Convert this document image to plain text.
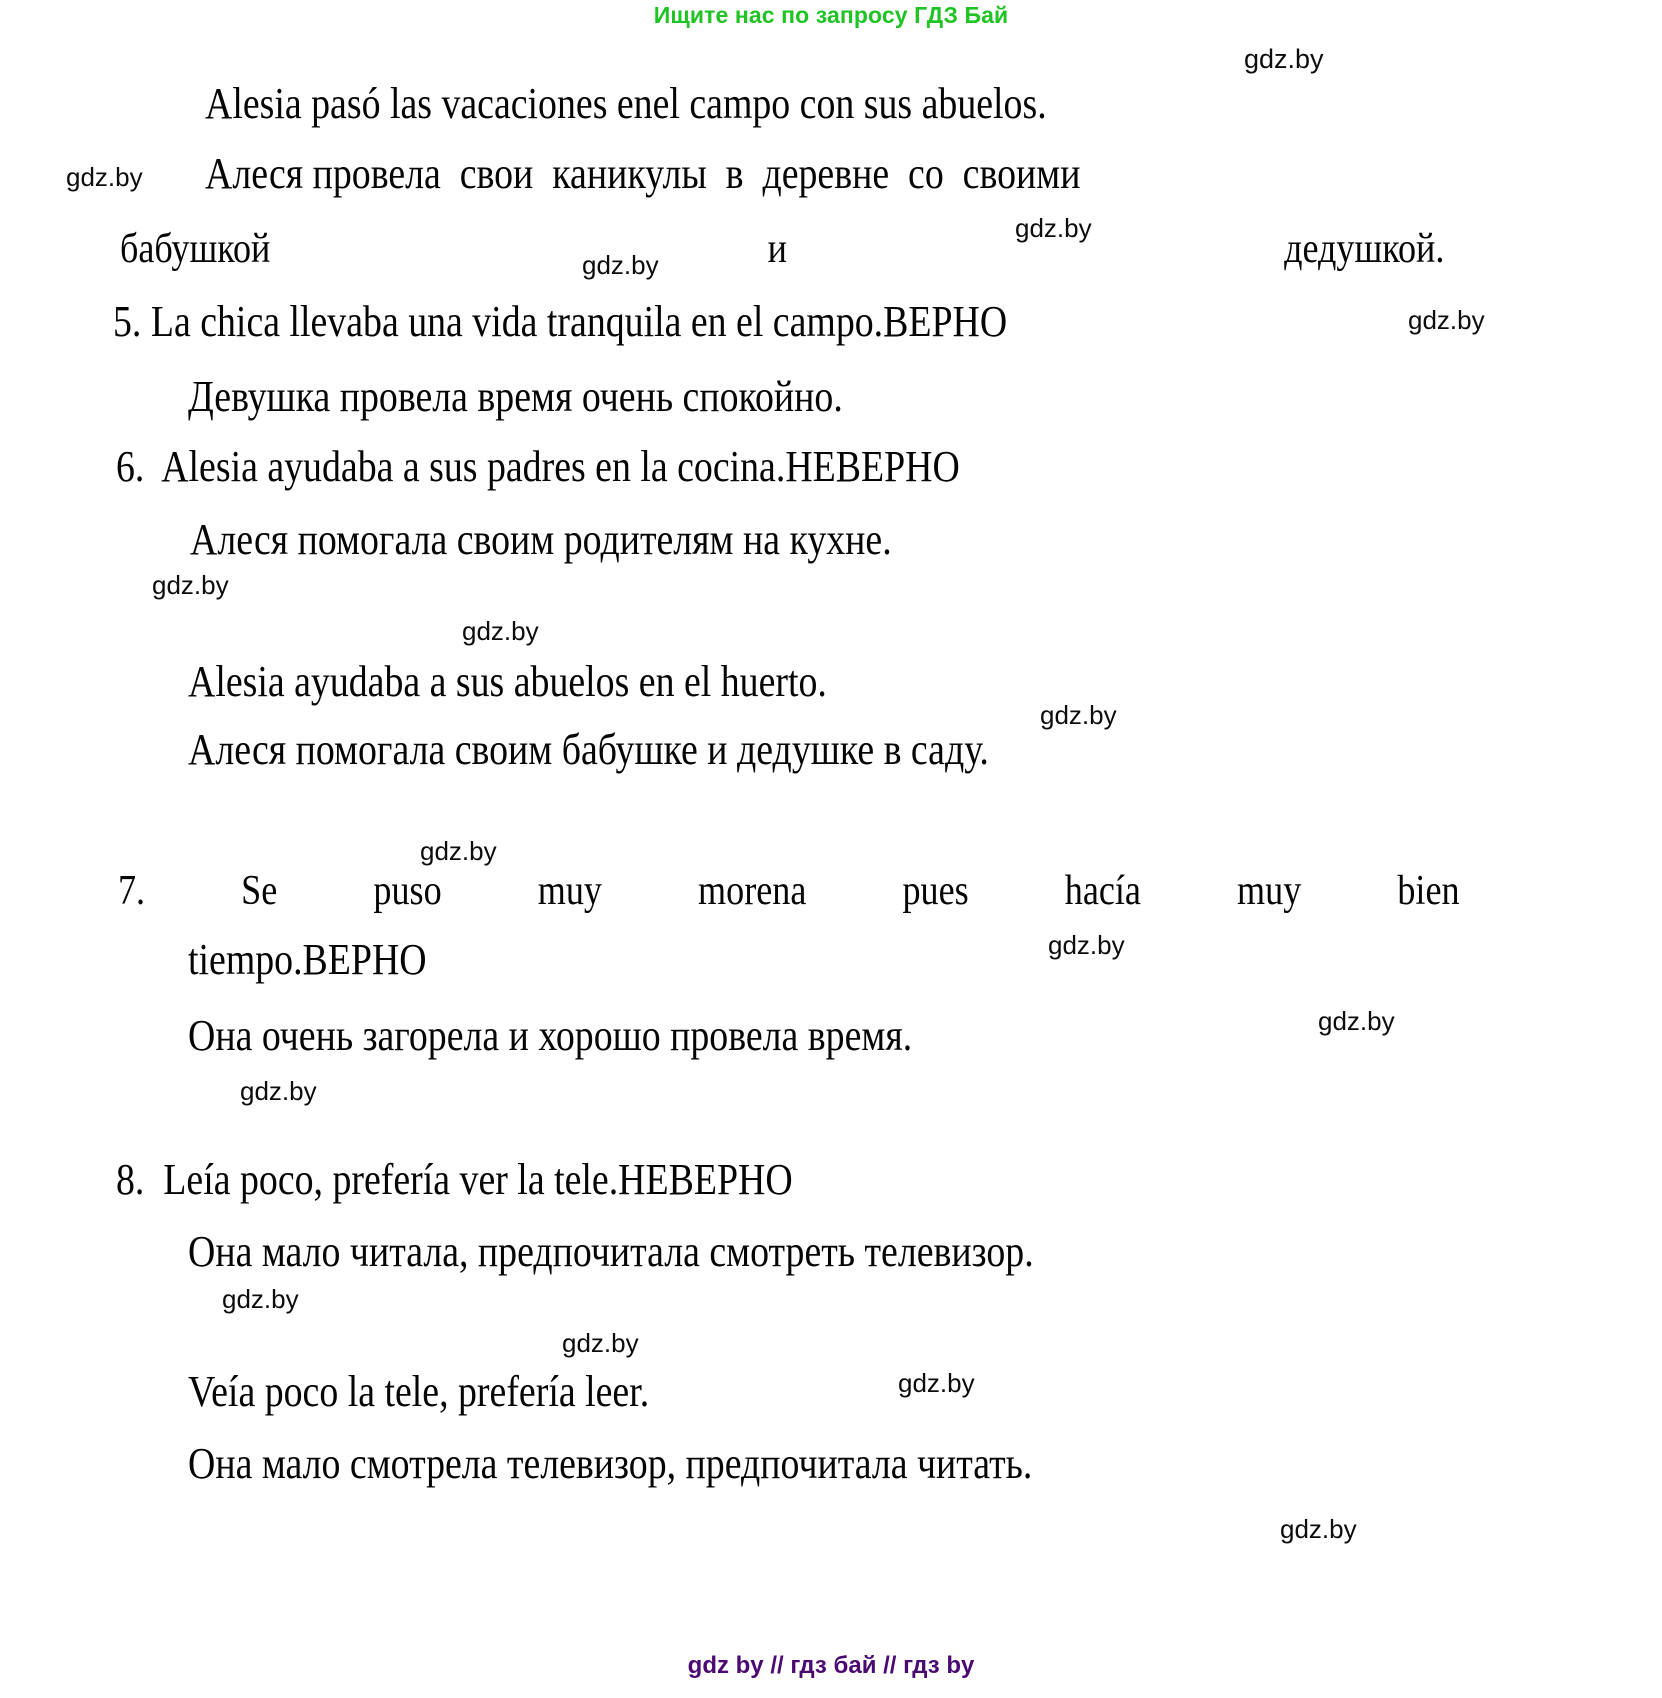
Ищите нас по запросу ГДЗ Бай
gdz.by
Alesia pasó las vacaciones enel campo con sus abuelos.
gdz.by Алеся провела  свои  каникулы  в  деревне  со  своими
gdz.by
бабушкой	и	дедушкой.
gdz.by
5. La chica llevaba una vida tranquila en el campo.ВЕРНО	gdz.by
Девушка провела время очень спокойно.
6.  Alesia ayudaba a sus padres en la cocina.НЕВЕРНО
Алеся помогала своим родителям на кухне.
gdz.by
gdz.by
Alesia ayudaba a sus abuelos en el huerto.
gdz.by
Алеся помогала своим бабушке и дедушке в саду.
gdz.by
7. Se puso muy morena pues hacía muy bien
gdz.by
tiempo.ВЕРНО
gdz.by
Она очень загорела и хорошо провела время.
gdz.by
8.  Leía poco, prefería ver la tele.НЕВЕРНО
Она мало читала, предпочитала смотреть телевизор.
gdz.by
gdz.by
Veía poco la tele, prefería leer.	gdz.by
Она мало смотрела телевизор, предпочитала читать.
gdz.by
gdz by // гдз бай // гдз by
